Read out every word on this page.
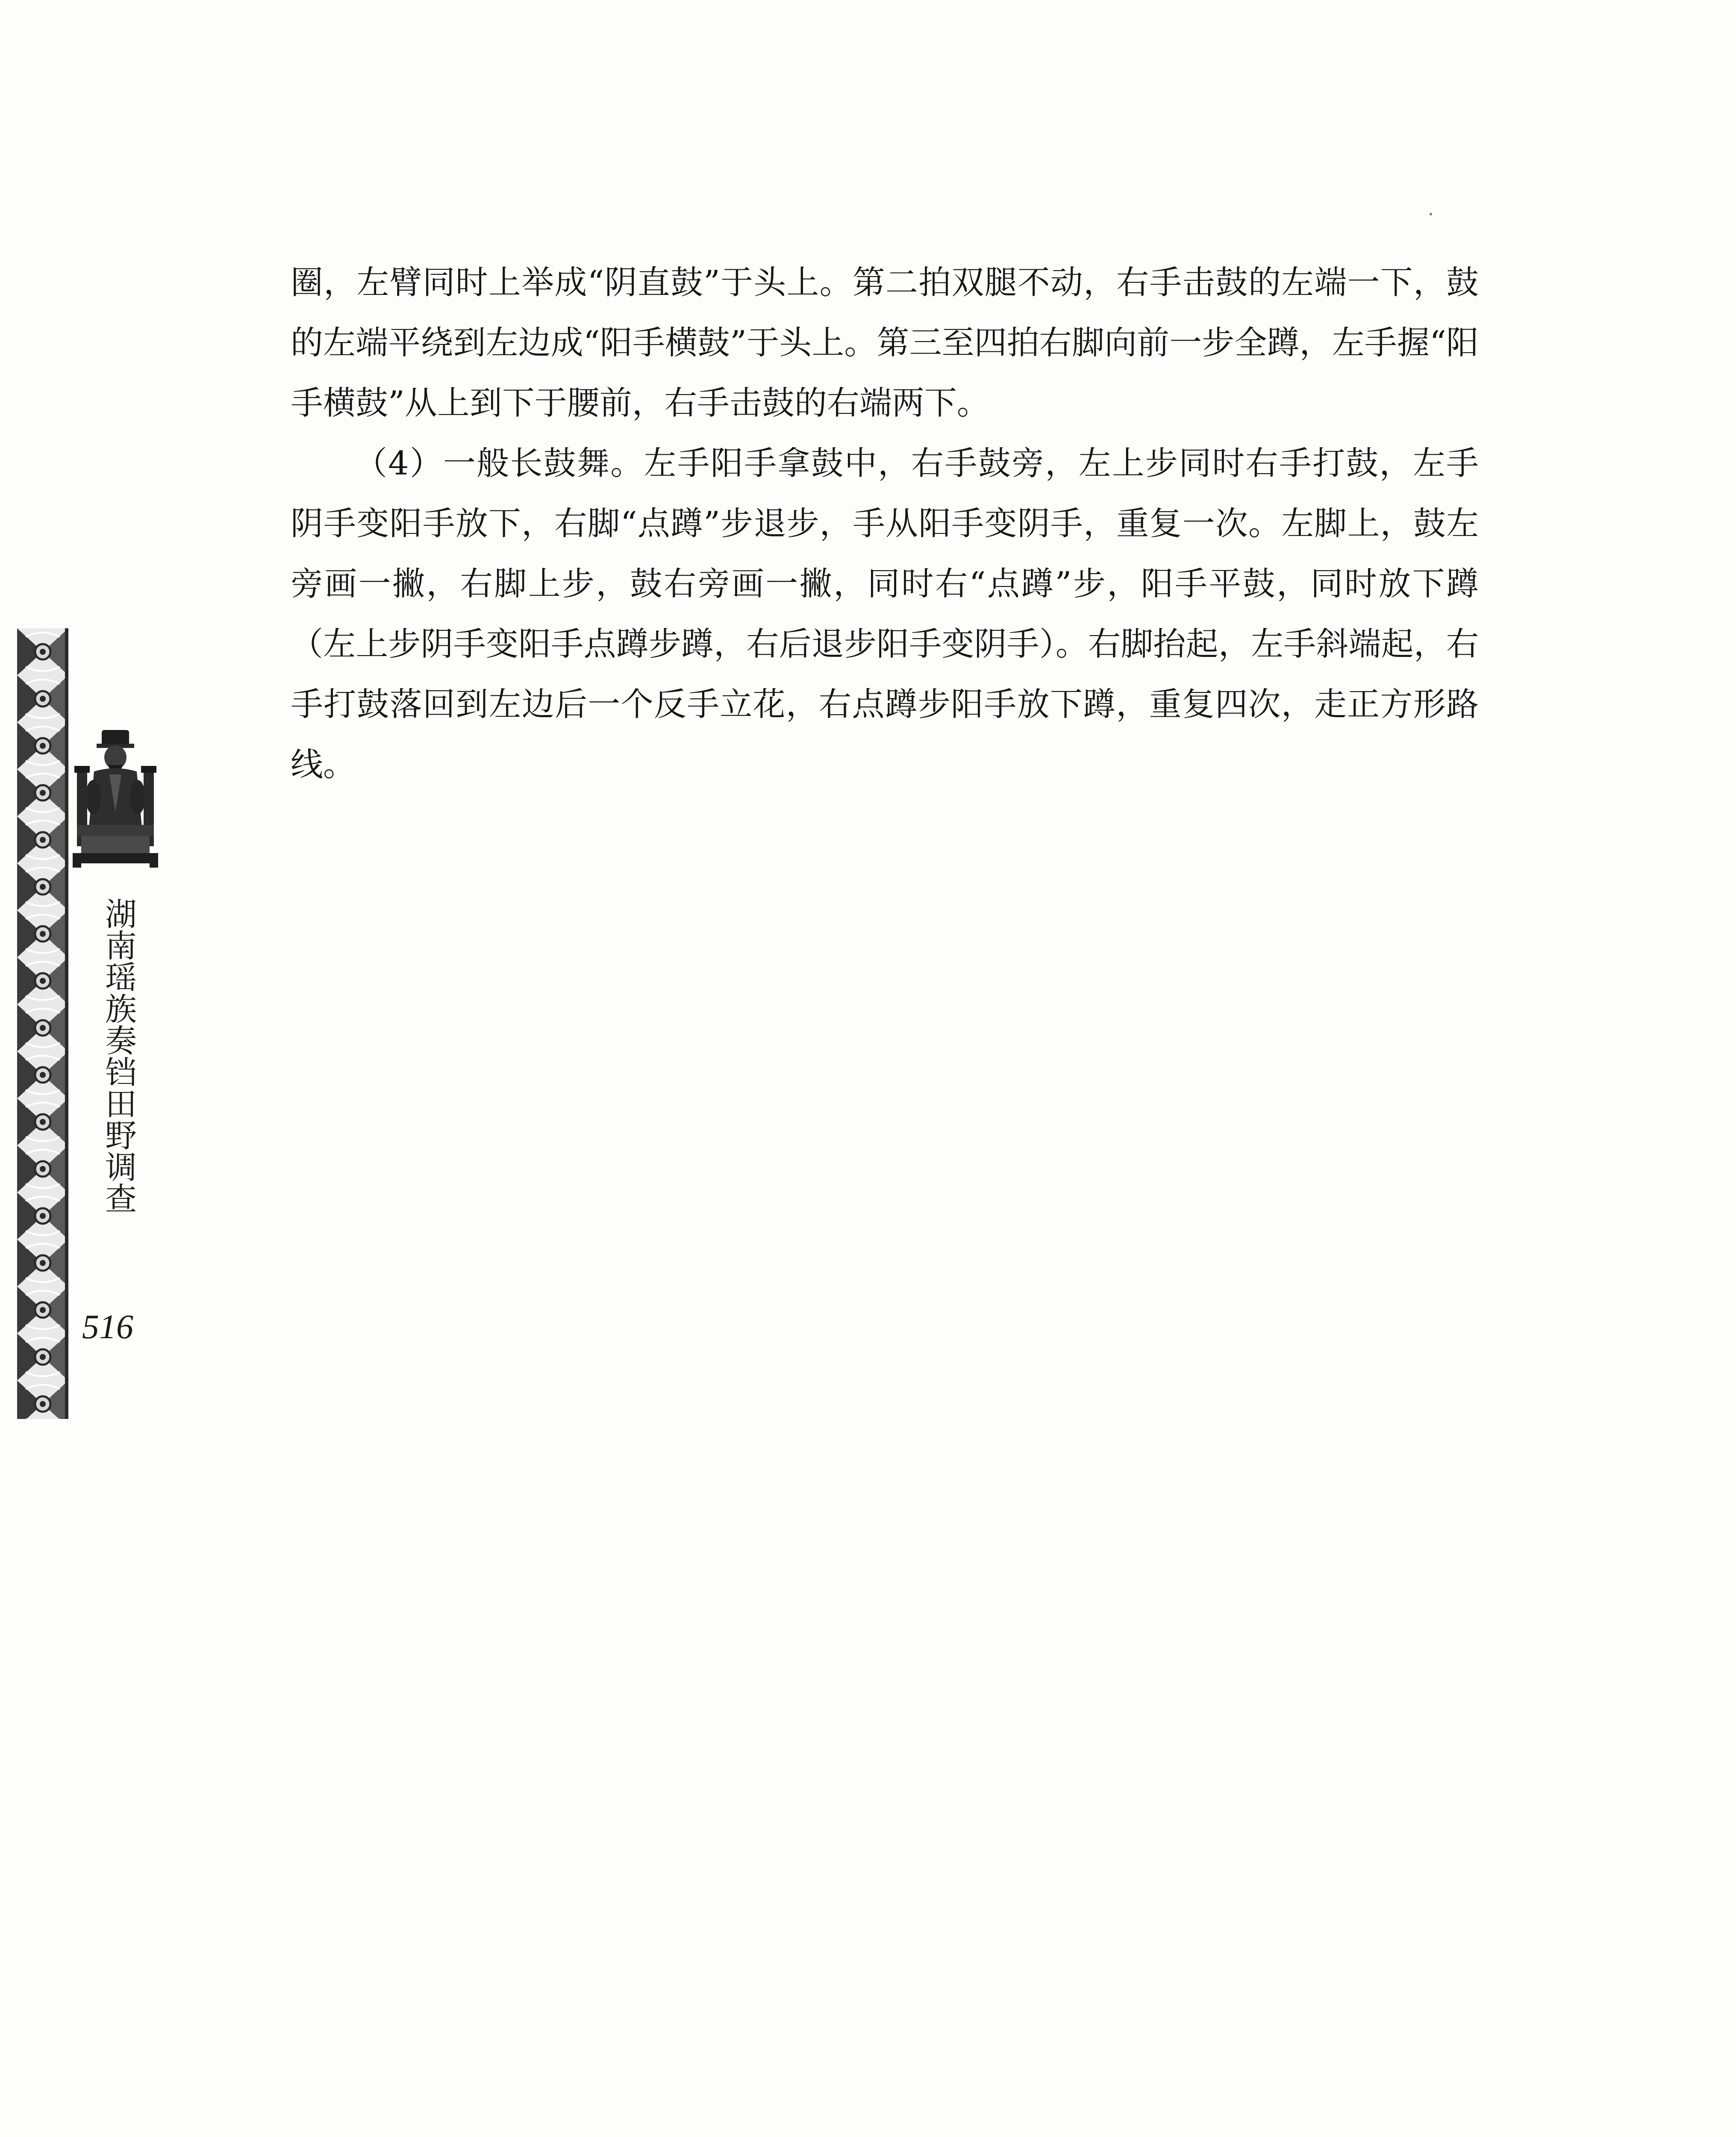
湖南瑶族奏铛田野调查
516

圈，左臂同时上举成“阴直鼓”于头上。第二拍双腿不动，右手击鼓的左端一下，鼓的左端平绕到左边成“阳手横鼓”于头上。第三至四拍右脚向前一步全蹲，左手握“阳手横鼓”从上到下于腰前，右手击鼓的右端两下。

（4）一般长鼓舞。左手阳手拿鼓中，右手鼓旁，左上步同时右手打鼓，左手阴手变阳手放下，右脚“点蹲”步退步，手从阳手变阴手，重复一次。左脚上，鼓左旁画一撇，右脚上步，鼓右旁画一撇，同时右“点蹲”步，阳手平鼓，同时放下蹲（左上步阴手变阳手点蹲步蹲，右后退步阳手变阴手）。右脚抬起，左手斜端起，右手打鼓落回到左边后一个反手立花，右点蹲步阳手放下蹲，重复四次，走正方形路线。
